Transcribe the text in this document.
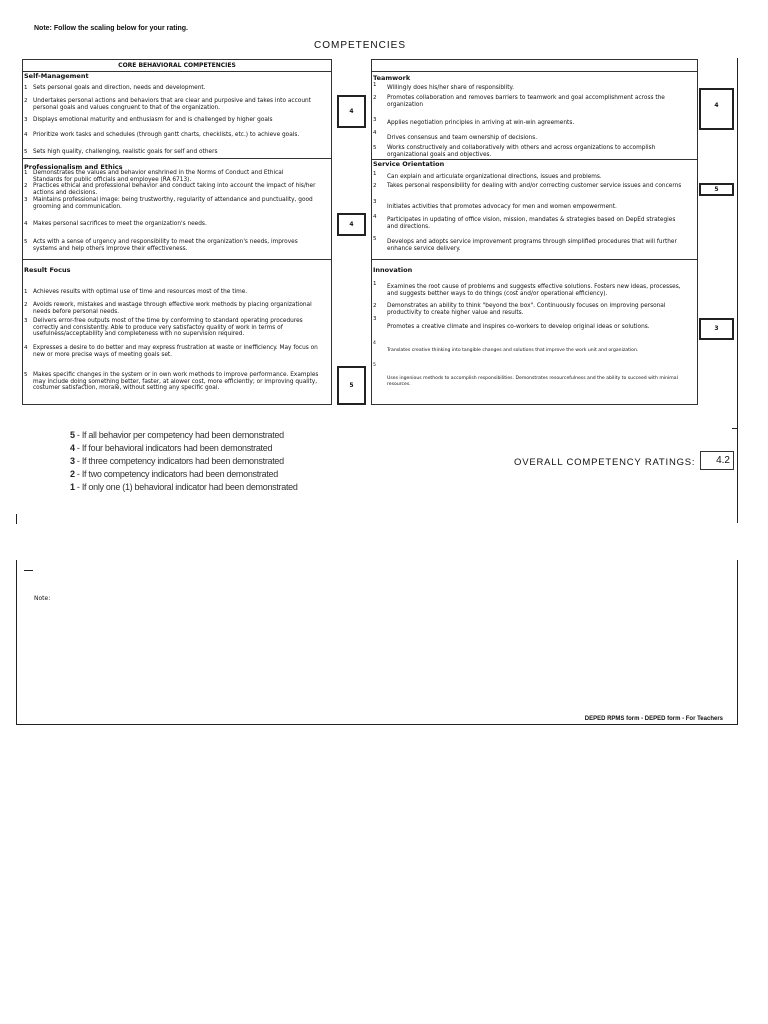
Note: Follow the scaling below for your rating.
COMPETENCIES
CORE BEHAVIORAL COMPETENCIES
Self-Management
1 Sets personal goals and direction, needs and development.
2 Undertakes personal actions and behaviors that are clear and purposive and takes into account personal goals and values congruent to that of the organization.
3 Displays emotional maturity and enthusiasm for and is challenged by higher goals
4 Prioritize work tasks and schedules (through gantt charts, checklists, etc.) to achieve goals.
5 Sets high quality, challenging, realistic goals for self and others
4
Professionalism and Ethics
1 Demonstrates the values and behavior enshrined in the Norms of Conduct and Ethical Standards for public officials and employee (RA 6713).
2 Practices ethical and professional behavior and conduct taking into account the impact of his/her actions and decisions.
3 Maintains professional image: being trustworthy, regularity of attendance and punctuality, good grooming and communication.
4 Makes personal sacrifices to meet the organization's needs.
5 Acts with a sense of urgency and responsibility to meet the organization's needs, improves systems and help others improve their effectiveness.
4
Result Focus
1 Achieves results with optimal use of time and resources most of the time.
2 Avoids rework, mistakes and wastage through effective work methods by placing organizational needs before personal needs.
3 Delivers error-free outputs most of the time by conforming to standard operating procedures correctly and consistently. Able to produce very satisfactoy quality of work in terms of usefulness/acceptability and completeness with no supervision required.
4 Expresses a desire to do better and may express frustration at waste or inefficiency. May focus on new or more precise ways of meeting goals set.
5 Makes specific changes in the system or in own work methods to improve performance. Examples may include doing something better, faster, at alower cost, more efficiently; or improving quality, costumer satisfaction, morale, without setting any specific goal.	5
Teamwork
1 Willingly does his/her share of responsiblity.
2 Promotes collaboration and removes barriers to teamwork and goal accomplishment across the organization
3 Applies negotiation principles in arriving at win-win agreements.
4
Drives consensus and team ownership of decisions.
5 Works constructively and collaboratively with others and across organizations to accomplish organizational goals and objectives.
4
Service Orientation
1 Can explain and articulate organizational directions, issues and problems.
2 Takes personal responsibility for dealing with and/or correcting customer service issues and concerns
3
Initiates activities that promotes advocacy for men and women empowerment.
4 Participates in updating of office vision, mission, mandates & strategies based on DepEd strategies and directions.
5 Develops and adopts service improvement programs through simplified procedures that will further enhance service delivery.
5
Innovation
1 Examines the root cause of problems and suggests effective solutions. Fosters new ideas, processes, and suggests betther ways to do things (cost and/or operational efficiency).
2 Demonstrates an ability to think "beyond the box". Continuously focuses on improving personal productivity to create higher value and results.
3
Promotes a creative climate and inspires co-workers to develop original ideas or solutions.
4
Translates creative thinking into tangible changes and solutions that improve the work unit and organization.
5
Uses ingenious methods to accomplish responsibilities. Demonstrates resourcefulness and the ability to succeed with minimal resources.
3
5 - If all behavior per competency had been demonstrated
4 - If four behavioral indicators had been demonstrated
3 - If three competency indicators had been demonstrated
2 - If two competency indicators had been demonstrated
1 - If only one (1) behavioral indicator had been demonstrated
OVERALL COMPETENCY RATINGS:	4.2
Note:
DEPED RPMS form - DEPED form - For Teachers
